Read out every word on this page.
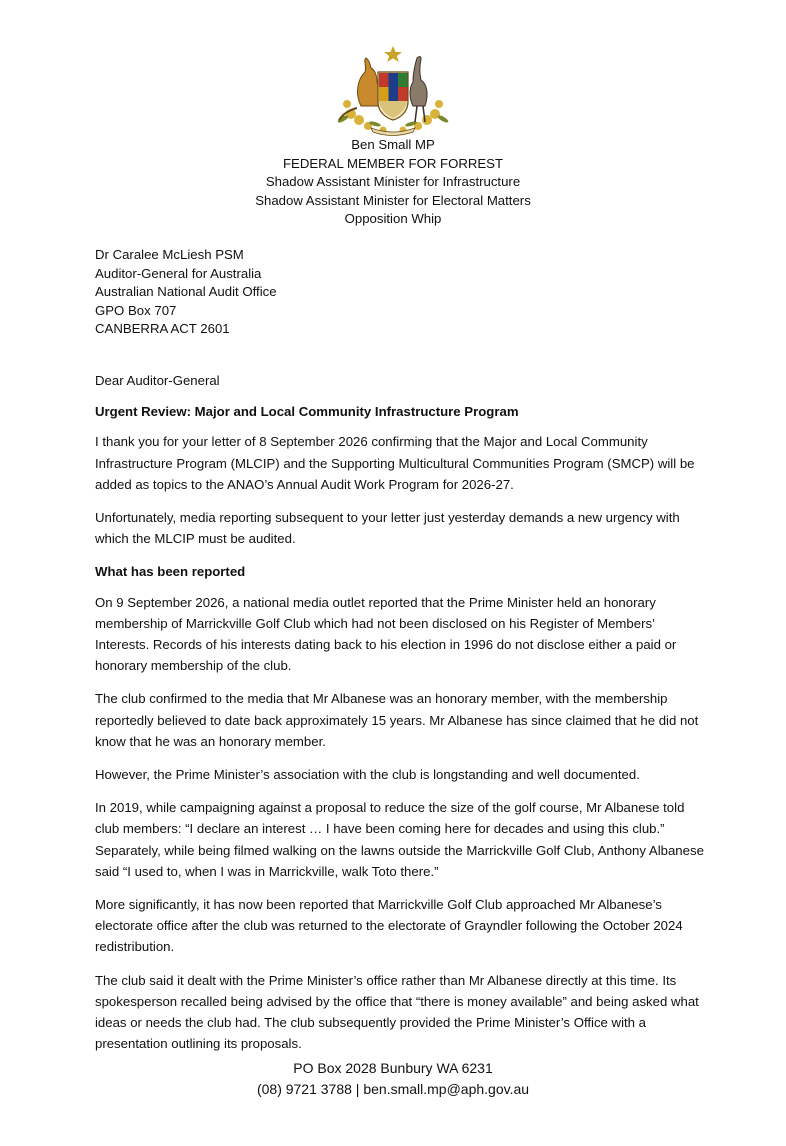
Ben Small MP
FEDERAL MEMBER FOR FORREST
Shadow Assistant Minister for Infrastructure
Shadow Assistant Minister for Electoral Matters
Opposition Whip
Dr Caralee McLiesh PSM
Auditor-General for Australia
Australian National Audit Office
GPO Box 707
CANBERRA ACT 2601

Dear Auditor-General

Urgent Review: Major and Local Community Infrastructure Program

I thank you for your letter of 8 September 2026 confirming that the Major and Local Community Infrastructure Program (MLCIP) and the Supporting Multicultural Communities Program (SMCP) will be added as topics to the ANAO’s Annual Audit Work Program for 2026-27.

Unfortunately, media reporting subsequent to your letter just yesterday demands a new urgency with which the MLCIP must be audited.

What has been reported

On 9 September 2026, a national media outlet reported that the Prime Minister held an honorary membership of Marrickville Golf Club which had not been disclosed on his Register of Members’ Interests. Records of his interests dating back to his election in 1996 do not disclose either a paid or honorary membership of the club.

The club confirmed to the media that Mr Albanese was an honorary member, with the membership reportedly believed to date back approximately 15 years. Mr Albanese has since claimed that he did not know that he was an honorary member.

However, the Prime Minister’s association with the club is longstanding and well documented.

In 2019, while campaigning against a proposal to reduce the size of the golf course, Mr Albanese told club members: “I declare an interest … I have been coming here for decades and using this club.” Separately, while being filmed walking on the lawns outside the Marrickville Golf Club, Anthony Albanese said “I used to, when I was in Marrickville, walk Toto there.”

More significantly, it has now been reported that Marrickville Golf Club approached Mr Albanese’s electorate office after the club was returned to the electorate of Grayndler following the October 2024 redistribution.

The club said it dealt with the Prime Minister’s office rather than Mr Albanese directly at this time. Its spokesperson recalled being advised by the office that “there is money available” and being asked what ideas or needs the club had. The club subsequently provided the Prime Minister’s Office with a presentation outlining its proposals.

PO Box 2028 Bunbury WA 6231
(08) 9721 3788 | ben.small.mp@aph.gov.au
